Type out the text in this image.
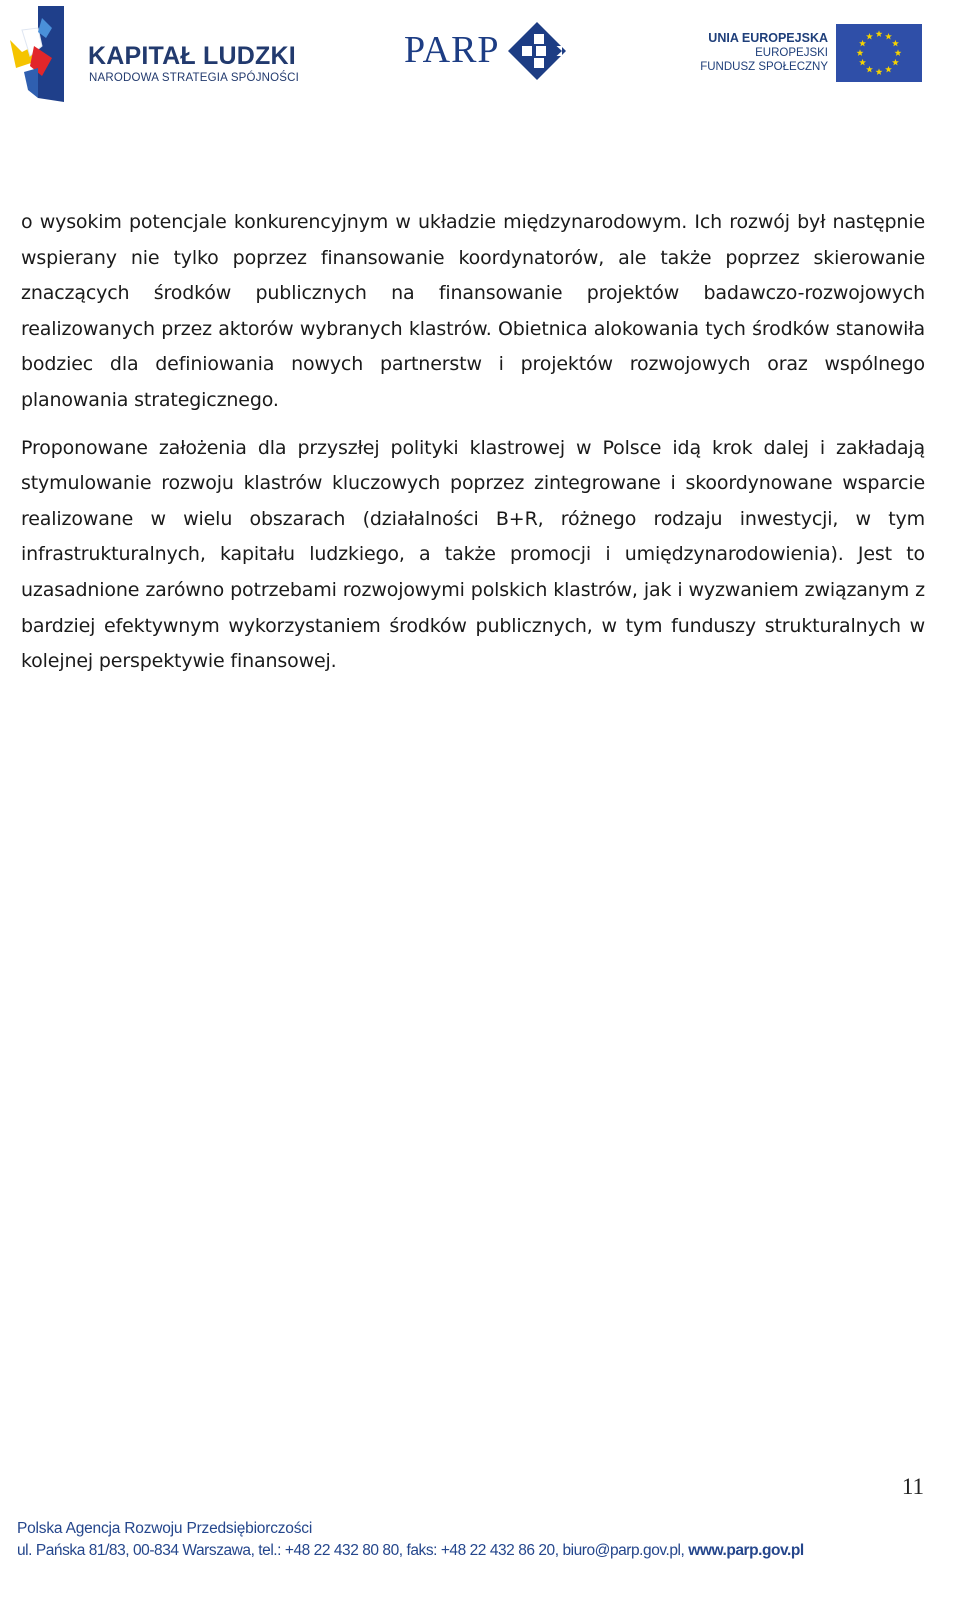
KAPITAŁ LUDZKI
NARODOWA STRATEGIA SPÓJNOŚCI
PARP	UNIA EUROPEJSKA
EUROPEJSKI
FUNDUSZ SPOŁECZNY

o wysokim potencjale konkurencyjnym w układzie międzynarodowym. Ich rozwój był następnie wspierany nie tylko poprzez finansowanie koordynatorów, ale także poprzez skierowanie znaczących środków publicznych na finansowanie projektów badawczo-rozwojowych realizowanych przez aktorów wybranych klastrów. Obietnica alokowania tych środków stanowiła bodziec dla definiowania nowych partnerstw i projektów rozwojowych oraz wspólnego planowania strategicznego.

Proponowane założenia dla przyszłej polityki klastrowej w Polsce idą krok dalej i zakładają stymulowanie rozwoju klastrów kluczowych poprzez zintegrowane i skoordynowane wsparcie realizowane w wielu obszarach (działalności B+R, różnego rodzaju inwestycji, w tym infrastrukturalnych, kapitału ludzkiego, a także promocji i umiędzynarodowienia). Jest to uzasadnione zarówno potrzebami rozwojowymi polskich klastrów, jak i wyzwaniem związanym z bardziej efektywnym wykorzystaniem środków publicznych, w tym funduszy strukturalnych w kolejnej perspektywie finansowej.

11
Polska Agencja Rozwoju Przedsiębiorczości
ul. Pańska 81/83, 00-834 Warszawa, tel.: +48 22 432 80 80, faks: +48 22 432 86 20, biuro@parp.gov.pl, www.parp.gov.pl
